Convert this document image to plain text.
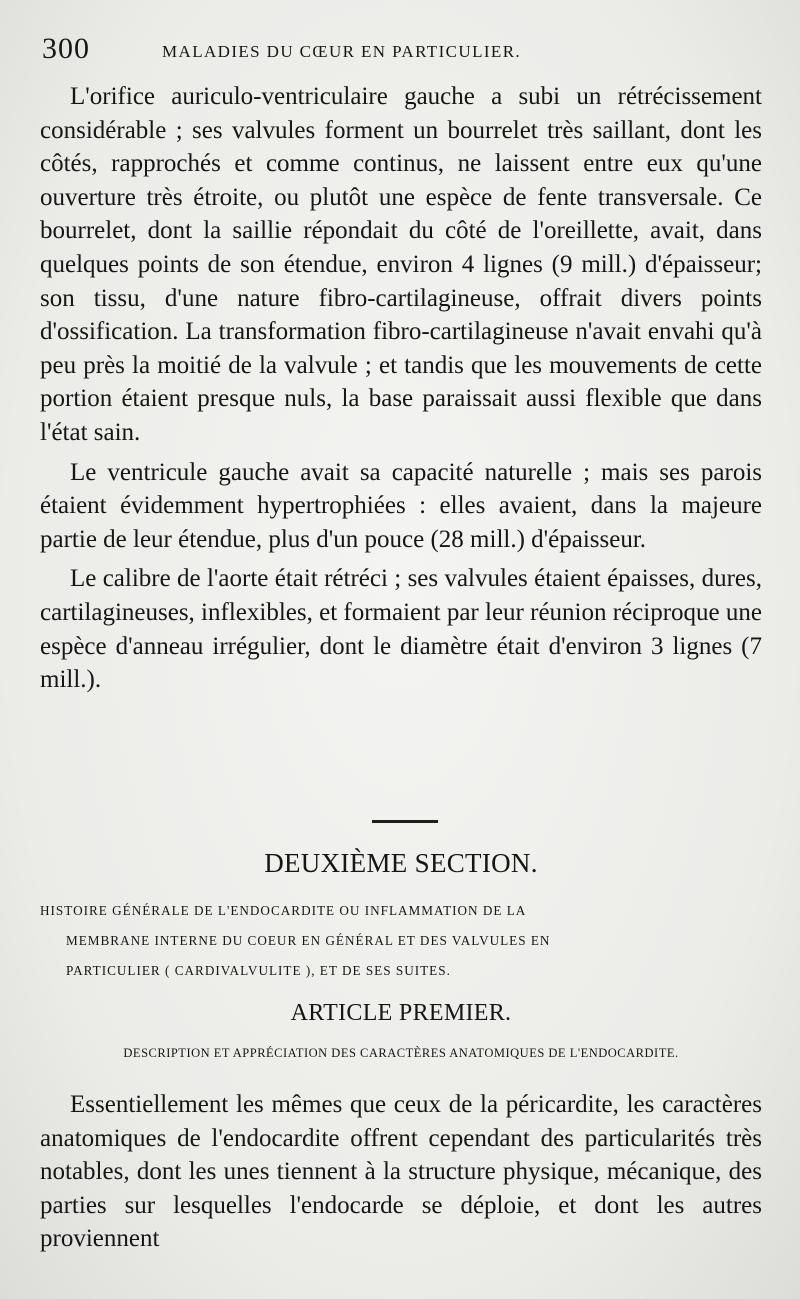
300	MALADIES DU CŒUR EN PARTICULIER.

L'orifice auriculo-ventriculaire gauche a subi un rétrécissement considérable ; ses valvules forment un bourrelet très saillant, dont les côtés, rapprochés et comme continus, ne laissent entre eux qu'une ouverture très étroite, ou plutôt une espèce de fente transversale. Ce bourrelet, dont la saillie répondait du côté de l'oreillette, avait, dans quelques points de son étendue, environ 4 lignes (9 mill.) d'épaisseur; son tissu, d'une nature fibro-cartilagineuse, offrait divers points d'ossification. La transformation fibro-cartilagineuse n'avait envahi qu'à peu près la moitié de la valvule ; et tandis que les mouvements de cette portion étaient presque nuls, la base paraissait aussi flexible que dans l'état sain.

Le ventricule gauche avait sa capacité naturelle ; mais ses parois étaient évidemment hypertrophiées : elles avaient, dans la majeure partie de leur étendue, plus d'un pouce (28 mill.) d'épaisseur.

Le calibre de l'aorte était rétréci ; ses valvules étaient épaisses, dures, cartilagineuses, inflexibles, et formaient par leur réunion réciproque une espèce d'anneau irrégulier, dont le diamètre était d'environ 3 lignes (7 mill.).

DEUXIÈME SECTION.
HISTOIRE GÉNÉRALE DE L'ENDOCARDITE OU INFLAMMATION DE LA
MEMBRANE INTERNE DU COEUR EN GÉNÉRAL ET DES VALVULES EN
PARTICULIER ( CARDIVALVULITE ), ET DE SES SUITES.
ARTICLE PREMIER.
DESCRIPTION ET APPRÉCIATION DES CARACTÈRES ANATOMIQUES DE L'ENDOCARDITE.

Essentiellement les mêmes que ceux de la péricardite, les caractères anatomiques de l'endocardite offrent cependant des particularités très notables, dont les unes tiennent à la structure physique, mécanique, des parties sur lesquelles l'endocarde se déploie, et dont les autres proviennent
